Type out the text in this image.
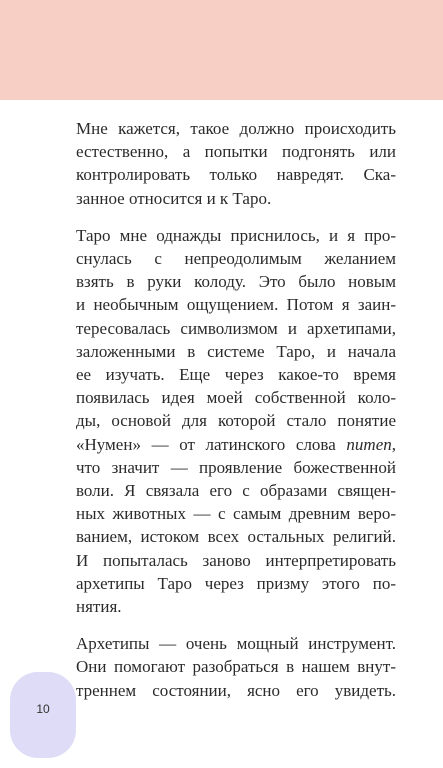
Мне кажется, такое должно происходить
естественно, а попытки подгонять или
контролировать только навредят. Ска-
занное относится и к Таро.

Таро мне однажды приснилось, и я про-
снулась с непреодолимым желанием
взять в руки колоду. Это было новым
и необычным ощущением. Потом я заин-
тересовалась символизмом и архетипами,
заложенными в системе Таро, и начала
ее изучать. Еще через какое-то время
появилась идея моей собственной коло-
ды, основой для которой стало понятие
«Нумен» — от латинского слова numen,
что значит — проявление божественной
воли. Я связала его с образами священ-
ных животных — с самым древним веро-
ванием, истоком всех остальных религий.
И попыталась заново интерпретировать
архетипы Таро через призму этого по-
нятия.

Архетипы — очень мощный инструмент.
Они помогают разобраться в нашем внут-
треннем состоянии, ясно его увидеть.

10
